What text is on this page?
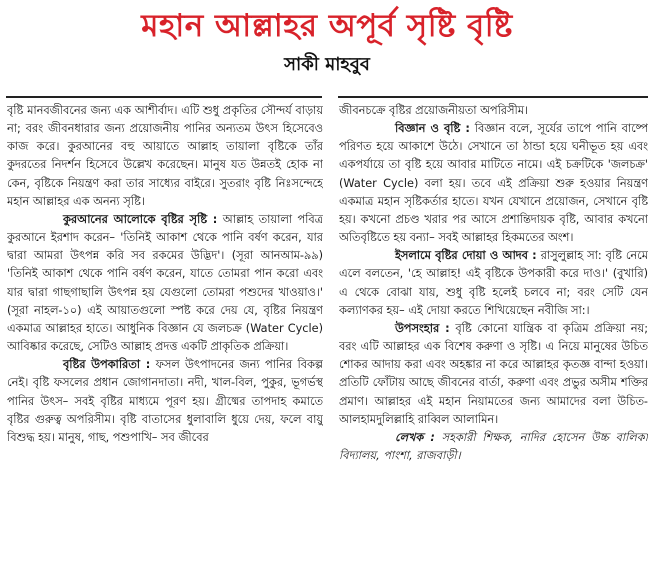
মহান আল্লাহর অপূর্ব সৃষ্টি বৃষ্টি
সাকী মাহবুব

বৃষ্টি মানবজীবনের জন্য এক আশীর্বাদ। এটি শুধু প্রকৃতির সৌন্দর্য বাড়ায় না; বরং জীবনধারার জন্য প্রয়োজনীয় পানির অন্যতম উৎস হিসেবেও কাজ করে। কুরআনের বহু আয়াতে আল্লাহ তায়ালা বৃষ্টিকে তাঁর কুদরতের নিদর্শন হিসেবে উল্লেখ করেছেন। মানুষ যত উন্নতই হোক না কেন, বৃষ্টিকে নিয়ন্ত্রণ করা তার সাধ্যের বাইরে। সুতরাং বৃষ্টি নিঃসন্দেহে মহান আল্লাহর এক অনন্য সৃষ্টি।

কুরআনের আলোকে বৃষ্টির সৃষ্টি : আল্লাহ তায়ালা পবিত্র কুরআনে ইরশাদ করেন– 'তিনিই আকাশ থেকে পানি বর্ষণ করেন, যার দ্বারা আমরা উৎপন্ন করি সব রকমের উদ্ভিদ'। (সূরা আনআম-৯৯) 'তিনিই আকাশ থেকে পানি বর্ষণ করেন, যাতে তোমরা পান করো এবং যার দ্বারা গাছগাছালি উৎপন্ন হয় যেগুলো তোমরা পশুদের খাওয়াও।' (সূরা নাহল-১০) এই আয়াতগুলো স্পষ্ট করে দেয় যে, বৃষ্টির নিয়ন্ত্রণ একমাত্র আল্লাহর হাতে। আধুনিক বিজ্ঞান যে জলচক্র (Water Cycle) আবিষ্কার করেছে, সেটিও আল্লাহ প্রদত্ত একটি প্রাকৃতিক প্রক্রিয়া।

বৃষ্টির উপকারিতা : ফসল উৎপাদনের জন্য পানির বিকল্প নেই। বৃষ্টি ফসলের প্রধান জোগানদাতা। নদী, খাল-বিল, পুকুর, ভূগর্ভস্থ পানির উৎস– সবই বৃষ্টির মাধ্যমে পূরণ হয়। গ্রীষ্মের তাপদাহ কমাতে বৃষ্টির গুরুত্ব অপরিসীম। বৃষ্টি বাতাসের ধুলাবালি ধুয়ে দেয়, ফলে বায়ু বিশুদ্ধ হয়। মানুষ, গাছ, পশুপাখি– সব জীবের

জীবনচক্রে বৃষ্টির প্রয়োজনীয়তা অপরিসীম।

বিজ্ঞান ও বৃষ্টি : বিজ্ঞান বলে, সূর্যের তাপে পানি বাষ্পে পরিণত হয়ে আকাশে উঠে। সেখানে তা ঠান্ডা হয়ে ঘনীভূত হয় এবং একপর্যায়ে তা বৃষ্টি হয়ে আবার মাটিতে নামে। এই চক্রটিকে 'জলচক্র' (Water Cycle) বলা হয়। তবে এই প্রক্রিয়া শুরু হওয়ার নিয়ন্ত্রণ একমাত্র মহান সৃষ্টিকর্তার হাতে। যখন যেখানে প্রয়োজন, সেখানে বৃষ্টি হয়। কখনো প্রচণ্ড খরার পর আসে প্রশান্তিদায়ক বৃষ্টি, আবার কখনো অতিবৃষ্টিতে হয় বন্যা– সবই আল্লাহর হিকমতের অংশ।

ইসলামে বৃষ্টির দোয়া ও আদব : রাসুলুল্লাহ সা: বৃষ্টি নেমে এলে বলতেন, 'হে আল্লাহ! এই বৃষ্টিকে উপকারী করে দাও।' (বুখারি) এ থেকে বোঝা যায়, শুধু বৃষ্টি হলেই চলবে না; বরং সেটি যেন কল্যাণকর হয়– এই দোয়া করতে শিখিয়েছেন নবীজি সা:।

উপসংহার : বৃষ্টি কোনো যান্ত্রিক বা কৃত্রিম প্রক্রিয়া নয়; বরং এটি আল্লাহর এক বিশেষ করুণা ও সৃষ্টি। এ নিয়ে মানুষের উচিত শোকর আদায় করা এবং অহঙ্কার না করে আল্লাহর কৃতজ্ঞ বান্দা হওয়া। প্রতিটি ফোঁটায় আছে জীবনের বার্তা, করুণা এবং প্রভুর অসীম শক্তির প্রমাণ। আল্লাহর এই মহান নিয়ামতের জন্য আমাদের বলা উচিত-আলহামদুলিল্লাহি রাব্বিল আলামিন।

লেখক : সহকারী শিক্ষক, নাদির হোসেন উচ্চ বালিকা বিদ্যালয়, পাংশা, রাজবাড়ী।
